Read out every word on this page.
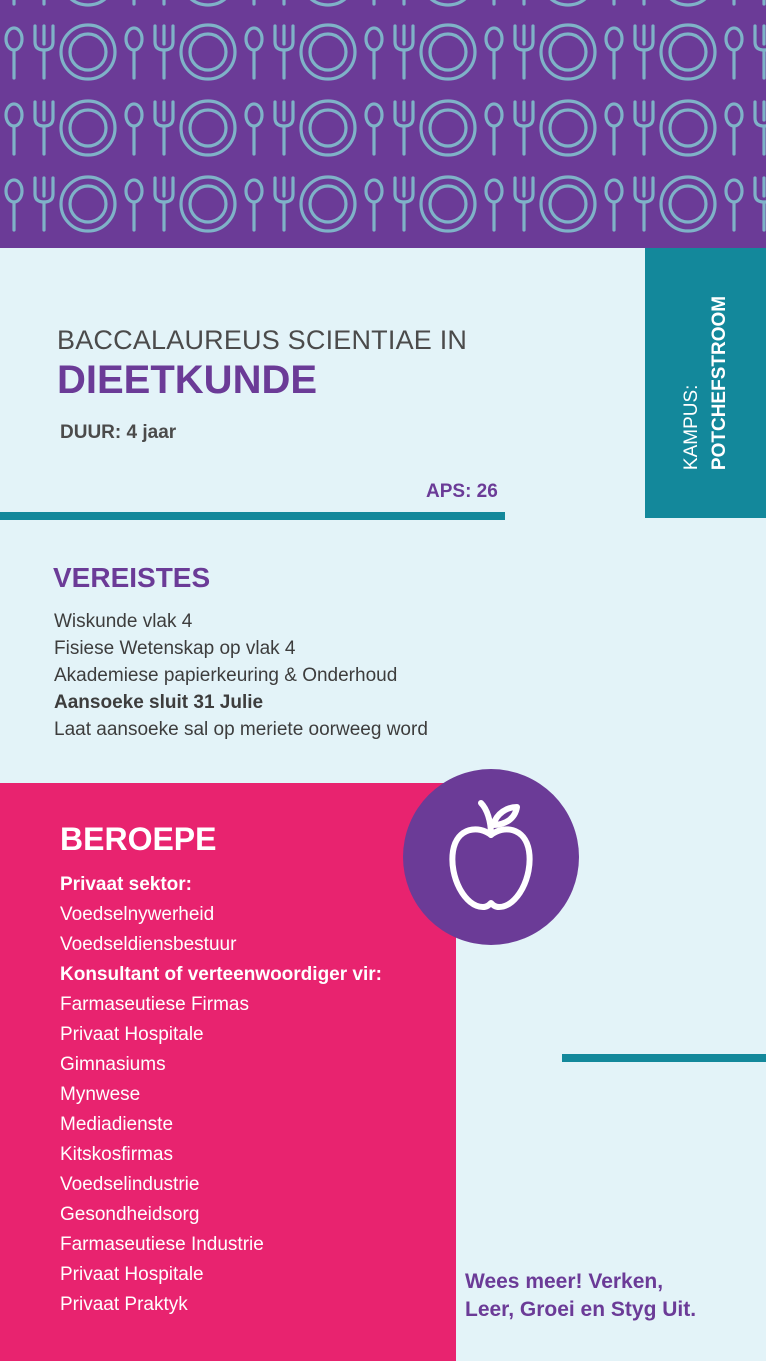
KAMPUS: POTCHEFSTROOM
BACCALAUREUS SCIENTIAE IN
DIEETKUNDE
DUUR: 4 jaar
APS: 26
VEREISTES
Wiskunde vlak 4
Fisiese Wetenskap op vlak 4
Akademiese papierkeuring & Onderhoud
Aansoeke sluit 31 Julie
Laat aansoeke sal op meriete oorweeg word
BEROEPE
Privaat sektor:
Voedselnywerheid
Voedseldiensbestuur
Konsultant of verteenwoordiger vir:
Farmaseutiese Firmas
Privaat Hospitale
Gimnasiums
Mynwese
Mediadienste
Kitskosfirmas
Voedselindustrie
Gesondheidsorg
Farmaseutiese Industrie
Privaat Hospitale
Privaat Praktyk
Wees meer! Verken,
Leer, Groei en Styg Uit.
